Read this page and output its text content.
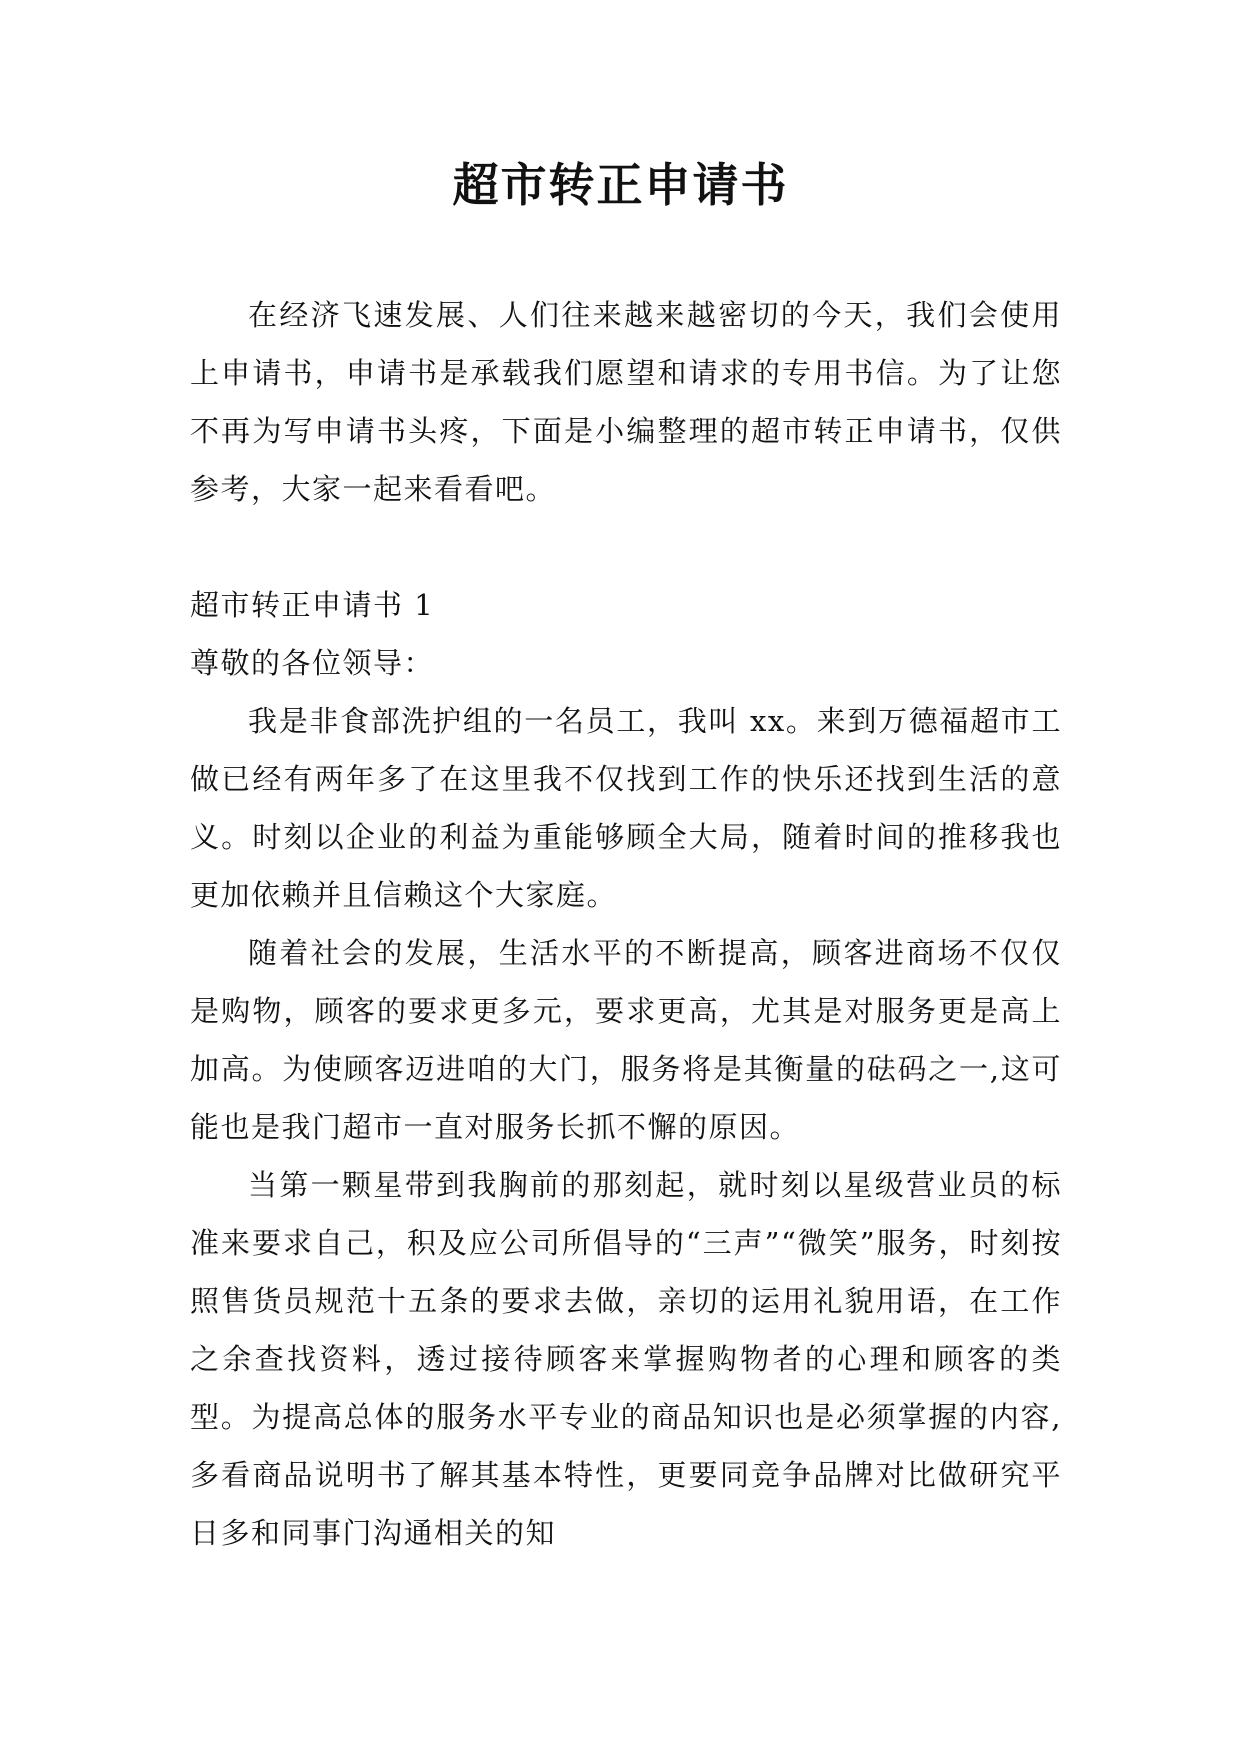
超市转正申请书

在经济飞速发展、人们往来越来越密切的今天，我们会使用上申请书，申请书是承载我们愿望和请求的专用书信。为了让您不再为写申请书头疼，下面是小编整理的超市转正申请书，仅供参考，大家一起来看看吧。

超市转正申请书 1

尊敬的各位领导：

我是非食部洗护组的一名员工，我叫 xx。来到万德福超市工做已经有两年多了在这里我不仅找到工作的快乐还找到生活的意义。时刻以企业的利益为重能够顾全大局，随着时间的推移我也更加依赖并且信赖这个大家庭。

随着社会的发展，生活水平的不断提高，顾客进商场不仅仅是购物，顾客的要求更多元，要求更高，尤其是对服务更是高上加高。为使顾客迈进咱的大门，服务将是其衡量的砝码之一,这可能也是我门超市一直对服务长抓不懈的原因。

当第一颗星带到我胸前的那刻起，就时刻以星级营业员的标准来要求自己，积及应公司所倡导的“三声”“微笑”服务，时刻按照售货员规范十五条的要求去做，亲切的运用礼貌用语，在工作之余查找资料，透过接待顾客来掌握购物者的心理和顾客的类型。为提高总体的服务水平专业的商品知识也是必须掌握的内容,多看商品说明书了解其基本特性，更要同竞争品牌对比做研究平日多和同事门沟通相关的知
